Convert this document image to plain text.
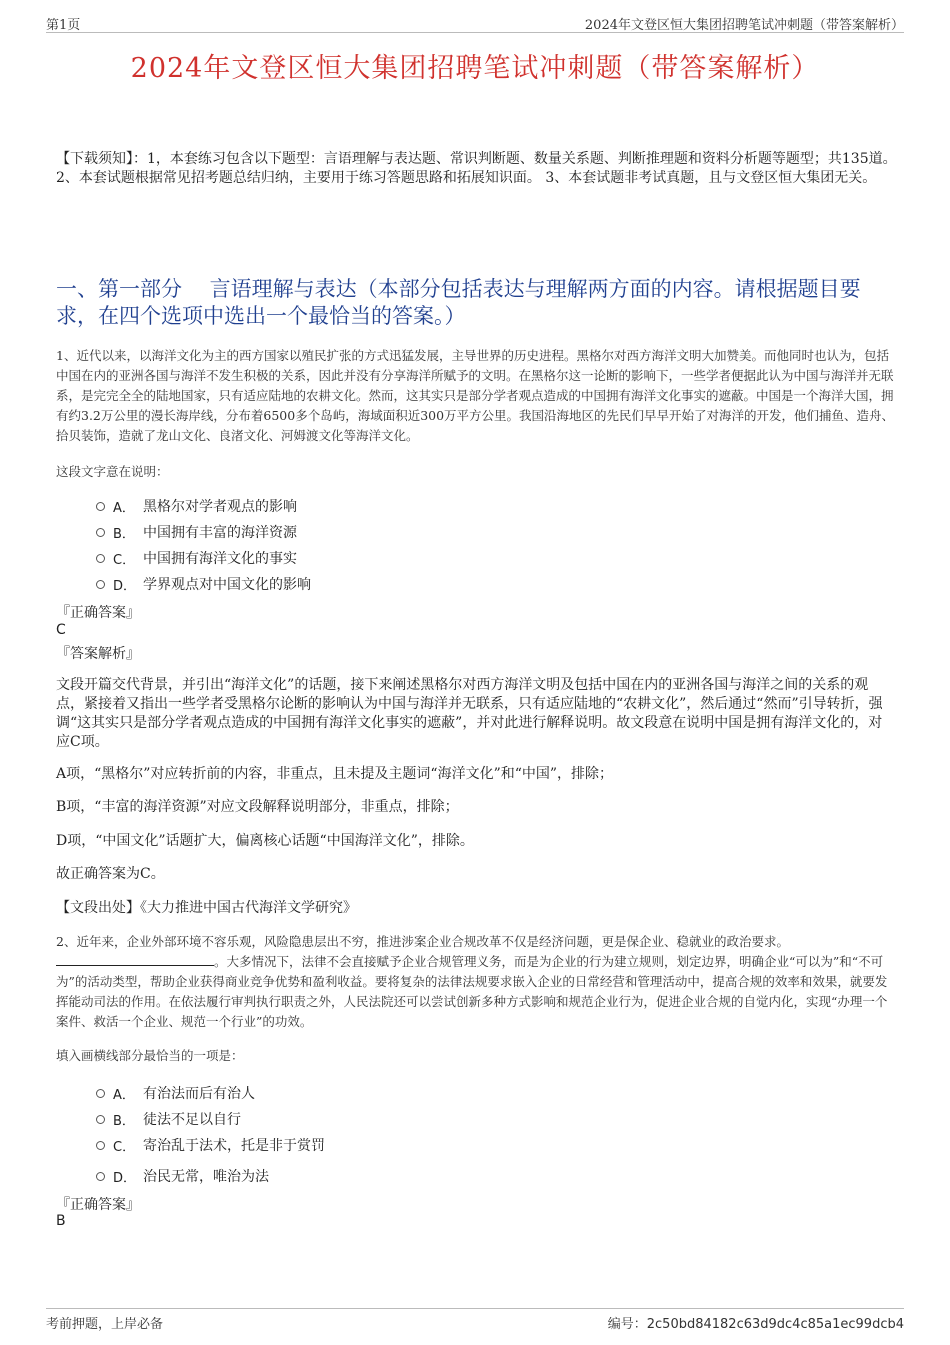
第1页	2024年文登区恒大集团招聘笔试冲刺题（带答案解析）
2024年文登区恒大集团招聘笔试冲刺题（带答案解析）
【下载须知】：1，本套练习包含以下题型：言语理解与表达题、常识判断题、数量关系题、判断推理题和资料分析题等题型；共135道。 2、本套试题根据常见招考题总结归纳，主要用于练习答题思路和拓展知识面。 3、本套试题非考试真题，且与文登区恒大集团无关。
一、第一部分　 言语理解与表达（本部分包括表达与理解两方面的内容。请根据题目要求，在四个选项中选出一个最恰当的答案。）
1、近代以来，以海洋文化为主的西方国家以殖民扩张的方式迅猛发展，主导世界的历史进程。黑格尔对西方海洋文明大加赞美。而他同时也认为，包括中国在内的亚洲各国与海洋不发生积极的关系，因此并没有分享海洋所赋予的文明。在黑格尔这一论断的影响下，一些学者便据此认为中国与海洋并无联系，是完完全全的陆地国家，只有适应陆地的农耕文化。然而，这其实只是部分学者观点造成的中国拥有海洋文化事实的遮蔽。中国是一个海洋大国，拥有约3.2万公里的漫长海岸线，分布着6500多个岛屿，海域面积近300万平方公里。我国沿海地区的先民们早早开始了对海洋的开发，他们捕鱼、造舟、拾贝装饰，造就了龙山文化、良渚文化、河姆渡文化等海洋文化。
这段文字意在说明：
A． 黑格尔对学者观点的影响
B． 中国拥有丰富的海洋资源
C． 中国拥有海洋文化的事实
D． 学界观点对中国文化的影响
『正确答案』
C
『答案解析』
文段开篇交代背景，并引出“海洋文化”的话题，接下来阐述黑格尔对西方海洋文明及包括中国在内的亚洲各国与海洋之间的关系的观点，紧接着又指出一些学者受黑格尔论断的影响认为中国与海洋并无联系，只有适应陆地的“农耕文化”，然后通过“然而”引导转折，强调“这其实只是部分学者观点造成的中国拥有海洋文化事实的遮蔽”，并对此进行解释说明。故文段意在说明中国是拥有海洋文化的，对应C项。
A项，“黑格尔”对应转折前的内容，非重点，且未提及主题词“海洋文化”和“中国”，排除；
B项，“丰富的海洋资源”对应文段解释说明部分，非重点，排除；
D项，“中国文化”话题扩大，偏离核心话题“中国海洋文化”，排除。
故正确答案为C。
【文段出处】《大力推进中国古代海洋文学研究》
2、近年来，企业外部环境不容乐观，风险隐患层出不穷，推进涉案企业合规改革不仅是经济问题，更是保企业、稳就业的政治要求。。大多情况下，法律不会直接赋予企业合规管理义务，而是为企业的行为建立规则，划定边界，明确企业“可以为”和“不可为”的活动类型，帮助企业获得商业竞争优势和盈利收益。要将复杂的法律法规要求嵌入企业的日常经营和管理活动中，提高合规的效率和效果，就要发挥能动司法的作用。在依法履行审判执行职责之外，人民法院还可以尝试创新多种方式影响和规范企业行为，促进企业合规的自觉内化，实现“办理一个案件、救活一个企业、规范一个行业”的功效。
填入画横线部分最恰当的一项是：
A． 有治法而后有治人
B． 徒法不足以自行
C． 寄治乱于法术，托是非于赏罚
D． 治民无常，唯治为法
『正确答案』
B
考前押题，上岸必备	编号：2c50bd84182c63d9dc4c85a1ec99dcb4
